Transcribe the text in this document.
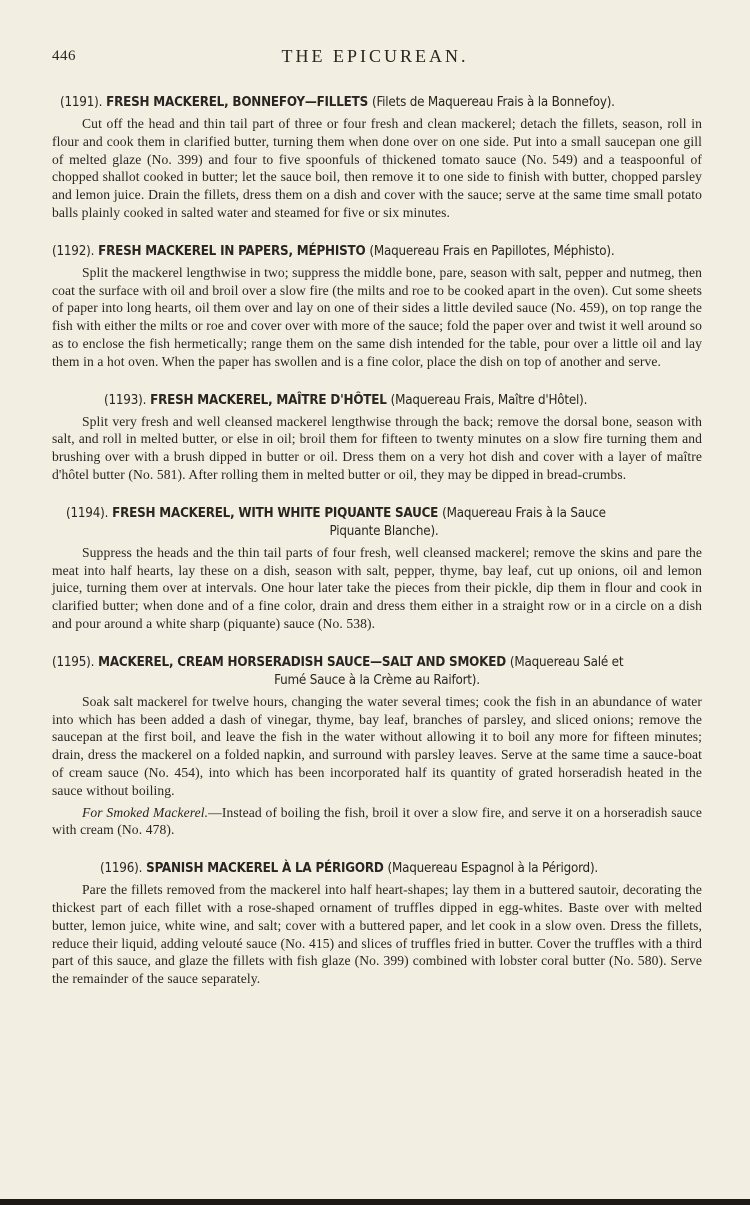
446	THE EPICUREAN.
(1191). FRESH MACKEREL, BONNEFOY—FILLETS (Filets de Maquereau Frais à la Bonnefoy).

Cut off the head and thin tail part of three or four fresh and clean mackerel; detach the fillets, season, roll in flour and cook them in clarified butter, turning them when done over on one side. Put into a small saucepan one gill of melted glaze (No. 399) and four to five spoonfuls of thickened tomato sauce (No. 549) and a teaspoonful of chopped shallot cooked in butter; let the sauce boil, then remove it to one side to finish with butter, chopped parsley and lemon juice. Drain the fillets, dress them on a dish and cover with the sauce; serve at the same time small potato balls plainly cooked in salted water and steamed for five or six minutes.

(1192). FRESH MACKEREL IN PAPERS, MÉPHISTO (Maquereau Frais en Papillotes, Méphisto).

Split the mackerel lengthwise in two; suppress the middle bone, pare, season with salt, pepper and nutmeg, then coat the surface with oil and broil over a slow fire (the milts and roe to be cooked apart in the oven). Cut some sheets of paper into long hearts, oil them over and lay on one of their sides a little deviled sauce (No. 459), on top range the fish with either the milts or roe and cover over with more of the sauce; fold the paper over and twist it well around so as to enclose the fish hermetically; range them on the same dish intended for the table, pour over a little oil and lay them in a hot oven. When the paper has swollen and is a fine color, place the dish on top of another and serve.

(1193). FRESH MACKEREL, MAÎTRE D'HÔTEL (Maquereau Frais, Maître d'Hôtel).

Split very fresh and well cleansed mackerel lengthwise through the back; remove the dorsal bone, season with salt, and roll in melted butter, or else in oil; broil them for fifteen to twenty minutes on a slow fire turning them and brushing over with a brush dipped in butter or oil. Dress them on a very hot dish and cover with a layer of maître d'hôtel butter (No. 581). After rolling them in melted butter or oil, they may be dipped in bread-crumbs.

(1194). FRESH MACKEREL, WITH WHITE PIQUANTE SAUCE (Maquereau Frais à la Sauce
Piquante Blanche).

Suppress the heads and the thin tail parts of four fresh, well cleansed mackerel; remove the skins and pare the meat into half hearts, lay these on a dish, season with salt, pepper, thyme, bay leaf, cut up onions, oil and lemon juice, turning them over at intervals. One hour later take the pieces from their pickle, dip them in flour and cook in clarified butter; when done and of a fine color, drain and dress them either in a straight row or in a circle on a dish and pour around a white sharp (piquante) sauce (No. 538).

(1195). MACKEREL, CREAM HORSERADISH SAUCE—SALT AND SMOKED (Maquereau Salé et
Fumé Sauce à la Crème au Raifort).

Soak salt mackerel for twelve hours, changing the water several times; cook the fish in an abundance of water into which has been added a dash of vinegar, thyme, bay leaf, branches of parsley, and sliced onions; remove the saucepan at the first boil, and leave the fish in the water without allowing it to boil any more for fifteen minutes; drain, dress the mackerel on a folded napkin, and surround with parsley leaves. Serve at the same time a sauce-boat of cream sauce (No. 454), into which has been incorporated half its quantity of grated horseradish heated in the sauce without boiling.

For Smoked Mackerel.—Instead of boiling the fish, broil it over a slow fire, and serve it on a horseradish sauce with cream (No. 478).

(1196). SPANISH MACKEREL À LA PÉRIGORD (Maquereau Espagnol à la Périgord).

Pare the fillets removed from the mackerel into half heart-shapes; lay them in a buttered sautoir, decorating the thickest part of each fillet with a rose-shaped ornament of truffles dipped in egg-whites. Baste over with melted butter, lemon juice, white wine, and salt; cover with a buttered paper, and let cook in a slow oven. Dress the fillets, reduce their liquid, adding velouté sauce (No. 415) and slices of truffles fried in butter. Cover the truffles with a third part of this sauce, and glaze the fillets with fish glaze (No. 399) combined with lobster coral butter (No. 580). Serve the remainder of the sauce separately.
